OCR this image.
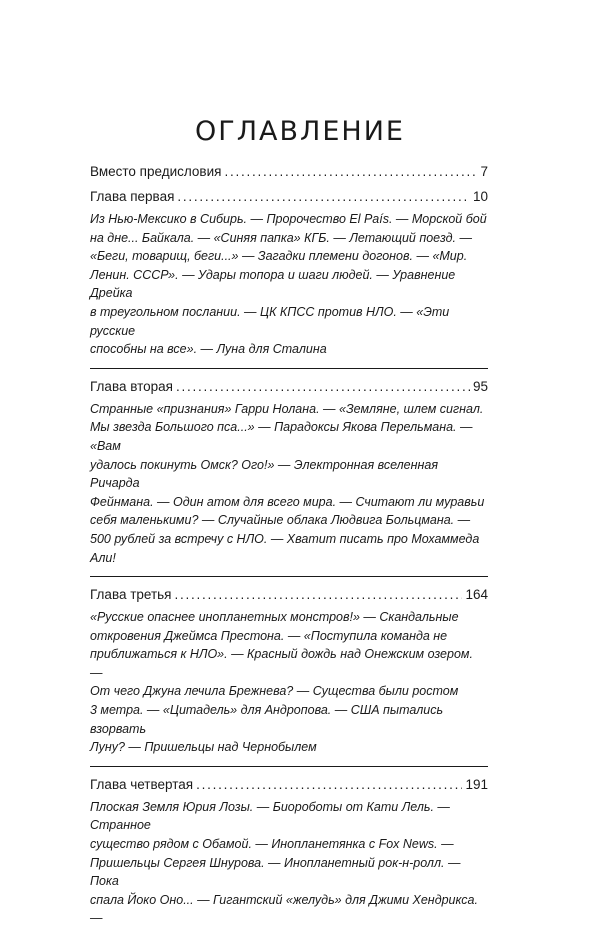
ОГЛАВЛЕНИЕ
Вместо предисловия . . .	7
Глава первая . . .	10
Из Нью-Мексико в Сибирь. — Пророчество El País. — Морской бой
на дне... Байкала. — «Синяя папка» КГБ. — Летающий поезд. —
«Беги, товарищ, беги...» — Загадки племени догонов. — «Мир.
Ленин. СССР». — Удары топора и шаги людей. — Уравнение Дрейка
в треугольном послании. — ЦК КПСС против НЛО. — «Эти русские
способны на все». — Луна для Сталина
Глава вторая . . .	95
Странные «признания» Гарри Нолана. — «Земляне, шлем сигнал.
Мы звезда Большого пса...» — Парадоксы Якова Перельмана. — «Вам
удалось покинуть Омск? Ого!» — Электронная вселенная Ричарда
Фейнмана. — Один атом для всего мира. — Считают ли муравьи
себя маленькими? — Случайные облака Людвига Больцмана. —
500 рублей за встречу с НЛО. — Хватит писать про Мохаммеда Али!
Глава третья . . .	164
«Русские опаснее инопланетных монстров!» — Скандальные
откровения Джеймса Престона. — «Поступила команда не
приближаться к НЛО». — Красный дождь над Онежским озером. —
От чего Джуна лечила Брежнева? — Существа были ростом
3 метра. — «Цитадель» для Андропова. — США пытались взорвать
Луну? — Пришельцы над Чернобылем
Глава четвертая . . .	191
Плоская Земля Юрия Лозы. — Биороботы от Кати Лель. — Странное
существо рядом с Обамой. — Инопланетянка с Fox News. —
Пришельцы Сергея Шнурова. — Инопланетный рок-н-ролл. — Пока
спала Йоко Оно... — Гигантский «желудь» для Джими Хендрикса. —
